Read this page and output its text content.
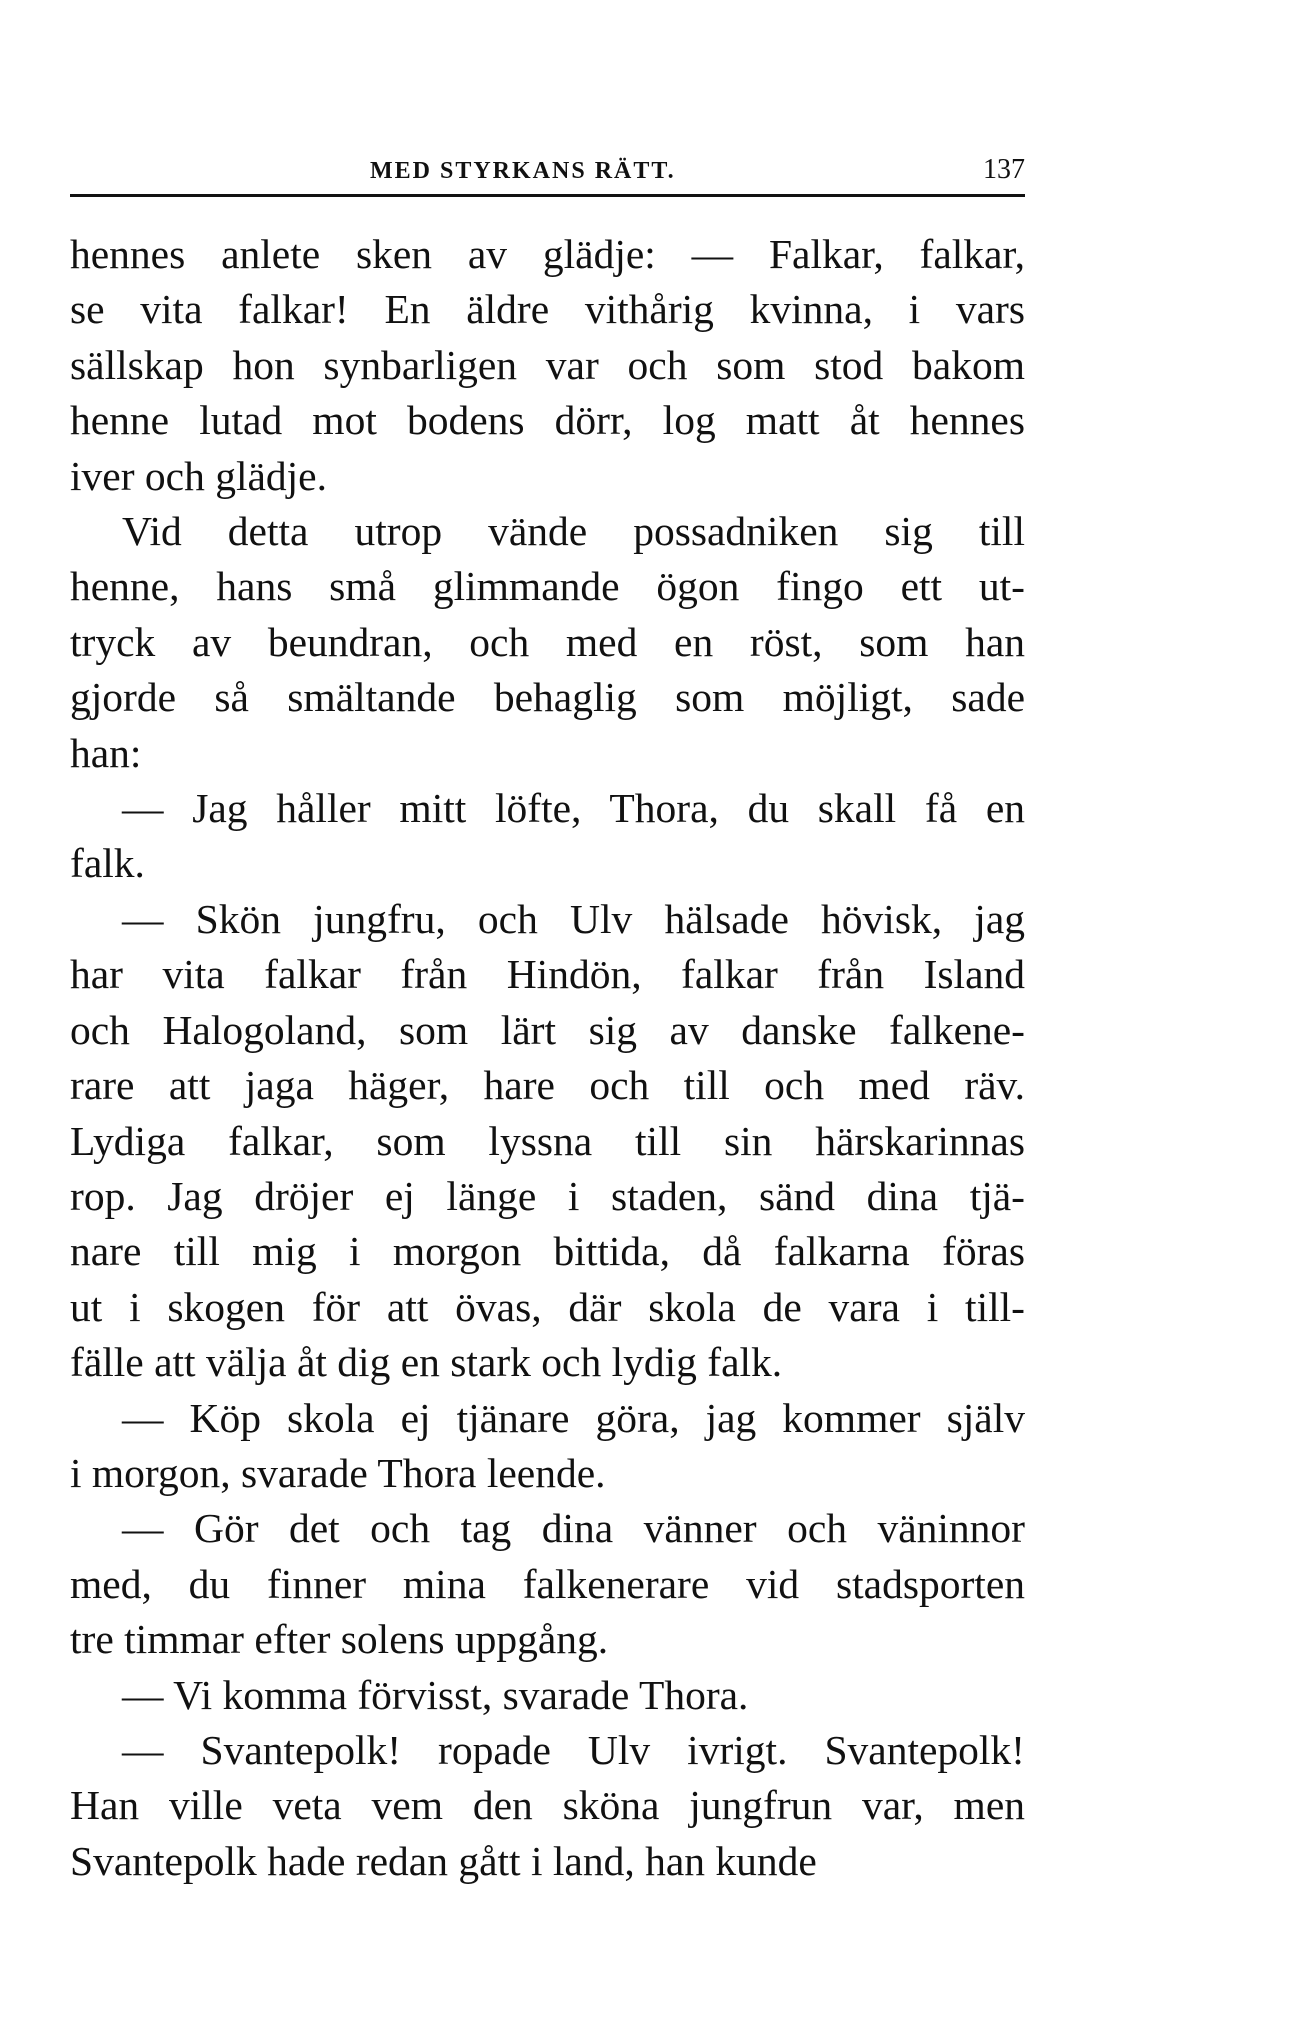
MED STYRKANS RÄTT.	137

hennes anlete sken av glädje: — Falkar, falkar,
se vita falkar! En äldre vithårig kvinna, i vars
sällskap hon synbarligen var och som stod bakom
henne lutad mot bodens dörr, log matt åt hennes
iver och glädje.

Vid detta utrop vände possadniken sig till
henne, hans små glimmande ögon fingo ett ut-
tryck av beundran, och med en röst, som han
gjorde så smältande behaglig som möjligt, sade
han:

— Jag håller mitt löfte, Thora, du skall få en
falk.

— Skön jungfru, och Ulv hälsade hövisk, jag
har vita falkar från Hindön, falkar från Island
och Halogoland, som lärt sig av danske falkene-
rare att jaga häger, hare och till och med räv.
Lydiga falkar, som lyssna till sin härskarinnas
rop. Jag dröjer ej länge i staden, sänd dina tjä-
nare till mig i morgon bittida, då falkarna föras
ut i skogen för att övas, där skola de vara i till-
fälle att välja åt dig en stark och lydig falk.

— Köp skola ej tjänare göra, jag kommer själv
i morgon, svarade Thora leende.

— Gör det och tag dina vänner och väninnor
med, du finner mina falkenerare vid stadsporten
tre timmar efter solens uppgång.

— Vi komma förvisst, svarade Thora.

— Svantepolk! ropade Ulv ivrigt. Svantepolk!
Han ville veta vem den sköna jungfrun var, men
Svantepolk hade redan gått i land, han kunde
